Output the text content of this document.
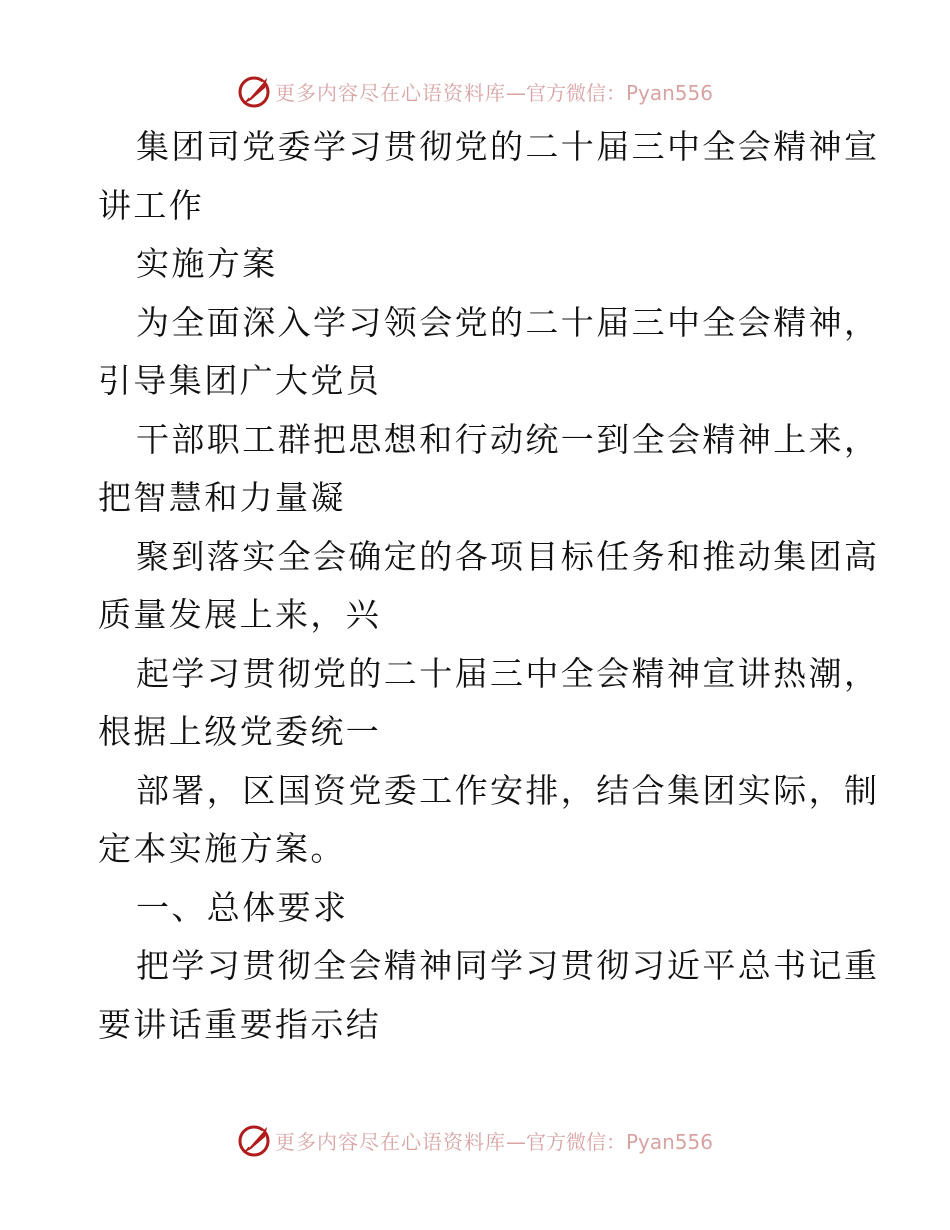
更多内容尽在心语资料库 —官方微信：Pyan556
集团司党委学习贯彻党的二十届三中全会精神宣
讲工作
实施方案
为全面深入学习领会党的二十届三中全会精神，
引导集团广大党员
干部职工群把思想和行动统一到全会精神上来，
把智慧和力量凝
聚到落实全会确定的各项目标任务和推动集团高
质量发展上来，兴
起学习贯彻党的二十届三中全会精神宣讲热潮，
根据上级党委统一
部署，区国资党委工作安排，结合集团实际，制
定本实施方案。
一、总体要求
把学习贯彻全会精神同学习贯彻习近平总书记重
要讲话重要指示结
更多内容尽在心语资料库 —官方微信：Pyan556
